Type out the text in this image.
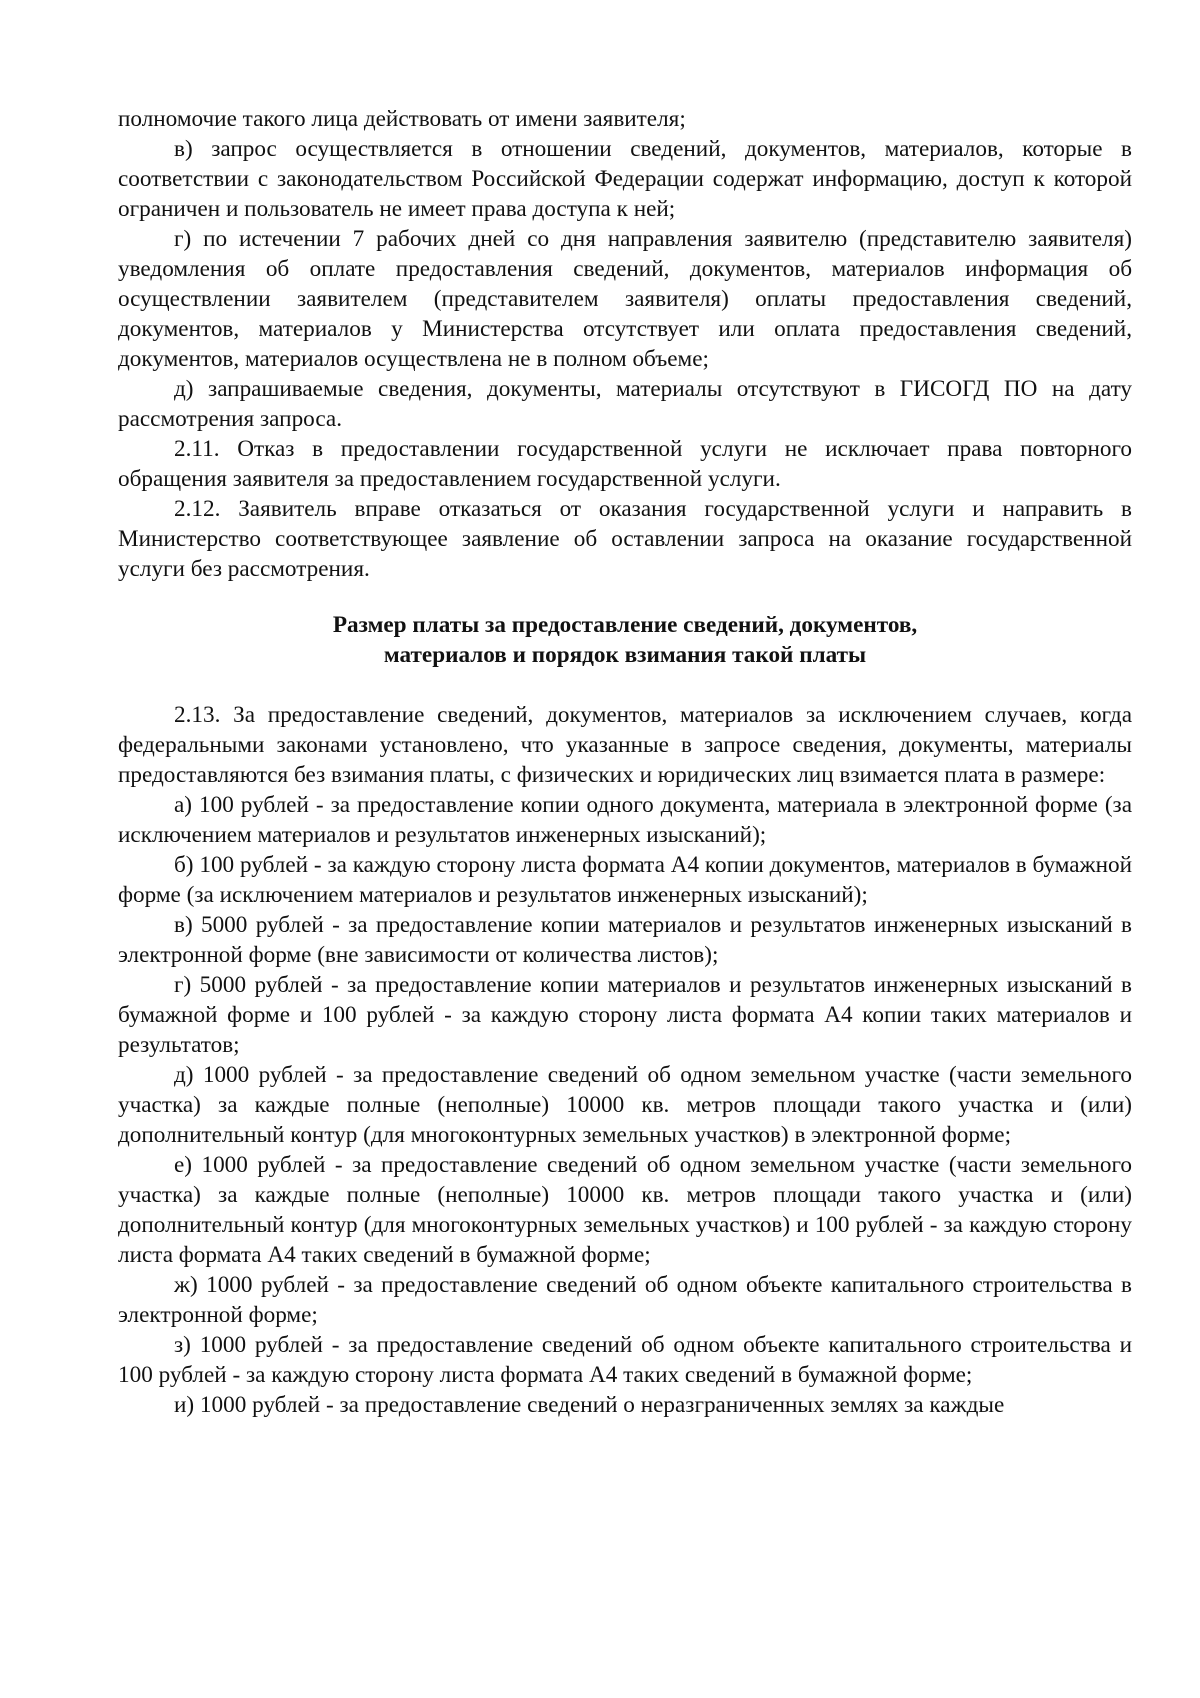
полномочие такого лица действовать от имени заявителя;

в) запрос осуществляется в отношении сведений, документов, материалов, которые в соответствии с законодательством Российской Федерации содержат информацию, доступ к которой ограничен и пользователь не имеет права доступа к ней;

г) по истечении 7 рабочих дней со дня направления заявителю (представителю заявителя) уведомления об оплате предоставления сведений, документов, материалов информация об осуществлении заявителем (представителем заявителя) оплаты предоставления сведений, документов, материалов у Министерства отсутствует или оплата предоставления сведений, документов, материалов осуществлена не в полном объеме;

д) запрашиваемые сведения, документы, материалы отсутствуют в ГИСОГД ПО на дату рассмотрения запроса.

2.11. Отказ в предоставлении государственной услуги не исключает права повторного обращения заявителя за предоставлением государственной услуги.

2.12. Заявитель вправе отказаться от оказания государственной услуги и направить в Министерство соответствующее заявление об оставлении запроса на оказание государственной услуги без рассмотрения.

Размер платы за предоставление сведений, документов,
материалов и порядок взимания такой платы

2.13. За предоставление сведений, документов, материалов за исключением случаев, когда федеральными законами установлено, что указанные в запросе сведения, документы, материалы предоставляются без взимания платы, с физических и юридических лиц взимается плата в размере:

а) 100 рублей - за предоставление копии одного документа, материала в электронной форме (за исключением материалов и результатов инженерных изысканий);

б) 100 рублей - за каждую сторону листа формата А4 копии документов, материалов в бумажной форме (за исключением материалов и результатов инженерных изысканий);

в) 5000 рублей - за предоставление копии материалов и результатов инженерных изысканий в электронной форме (вне зависимости от количества листов);

г) 5000 рублей - за предоставление копии материалов и результатов инженерных изысканий в бумажной форме и 100 рублей - за каждую сторону листа формата А4 копии таких материалов и результатов;

д) 1000 рублей - за предоставление сведений об одном земельном участке (части земельного участка) за каждые полные (неполные) 10000 кв. метров площади такого участка и (или) дополнительный контур (для многоконтурных земельных участков) в электронной форме;

е) 1000 рублей - за предоставление сведений об одном земельном участке (части земельного участка) за каждые полные (неполные) 10000 кв. метров площади такого участка и (или) дополнительный контур (для многоконтурных земельных участков) и 100 рублей - за каждую сторону листа формата А4 таких сведений в бумажной форме;

ж) 1000 рублей - за предоставление сведений об одном объекте капитального строительства в электронной форме;

з) 1000 рублей - за предоставление сведений об одном объекте капитального строительства и 100 рублей - за каждую сторону листа формата А4 таких сведений в бумажной форме;

и) 1000 рублей - за предоставление сведений о неразграниченных землях за каждые
